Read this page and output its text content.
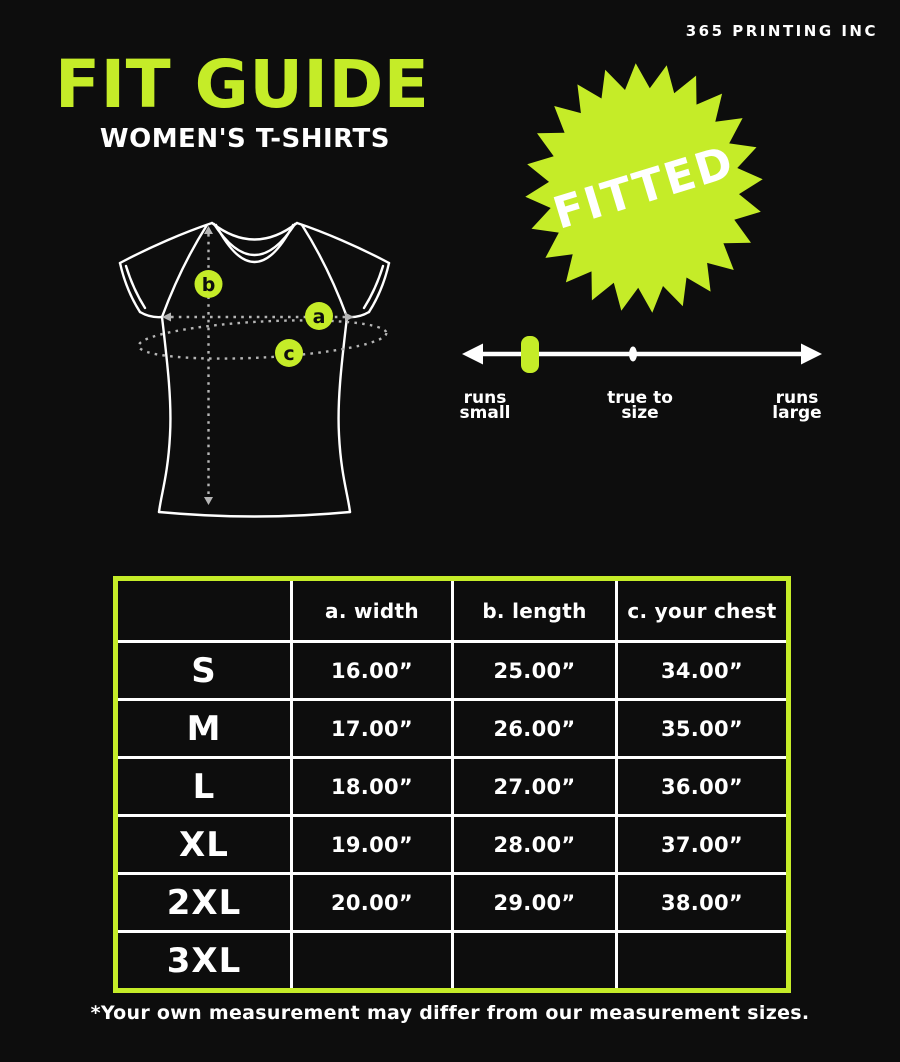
365 PRINTING INC
FIT GUIDE
WOMEN'S T-SHIRTS	FITTED
b
a
c
runs
small
true to
size
runs
large
a. width	b. length	c. your chest
S	16.00”	25.00”	34.00”
M	17.00”	26.00”	35.00”
L	18.00”	27.00”	36.00”
XL	19.00”	28.00”	37.00”
2XL	20.00”	29.00”	38.00”
3XL
*Your own measurement may differ from our measurement sizes.
